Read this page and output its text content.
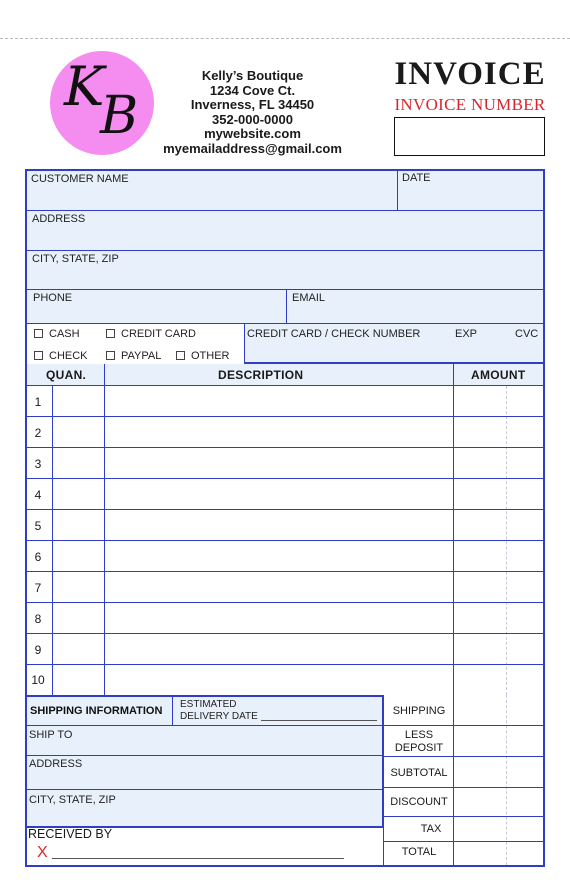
K
B
Kelly’s Boutique
1234 Cove Ct.
Inverness, FL 34450
352-000-0000
mywebsite.com
myemailaddress@gmail.com
INVOICE
INVOICE NUMBER
CUSTOMER NAME	DATE
ADDRESS
CITY, STATE, ZIP
PHONE	EMAIL
CASH	CREDIT CARD
CHECK	PAYPAL	OTHER
CREDIT CARD / CHECK NUMBER	EXP	CVC
QUAN.	DESCRIPTION	AMOUNT
1
2
3
4
5
6
7
8
9
10
SHIPPING INFORMATION
ESTIMATED
DELIVERY DATE
SHIP TO
ADDRESS
CITY, STATE, ZIP
RECEIVED BY
X
SHIPPING
LESS
DEPOSIT
SUBTOTAL
DISCOUNT
TAX
TOTAL
